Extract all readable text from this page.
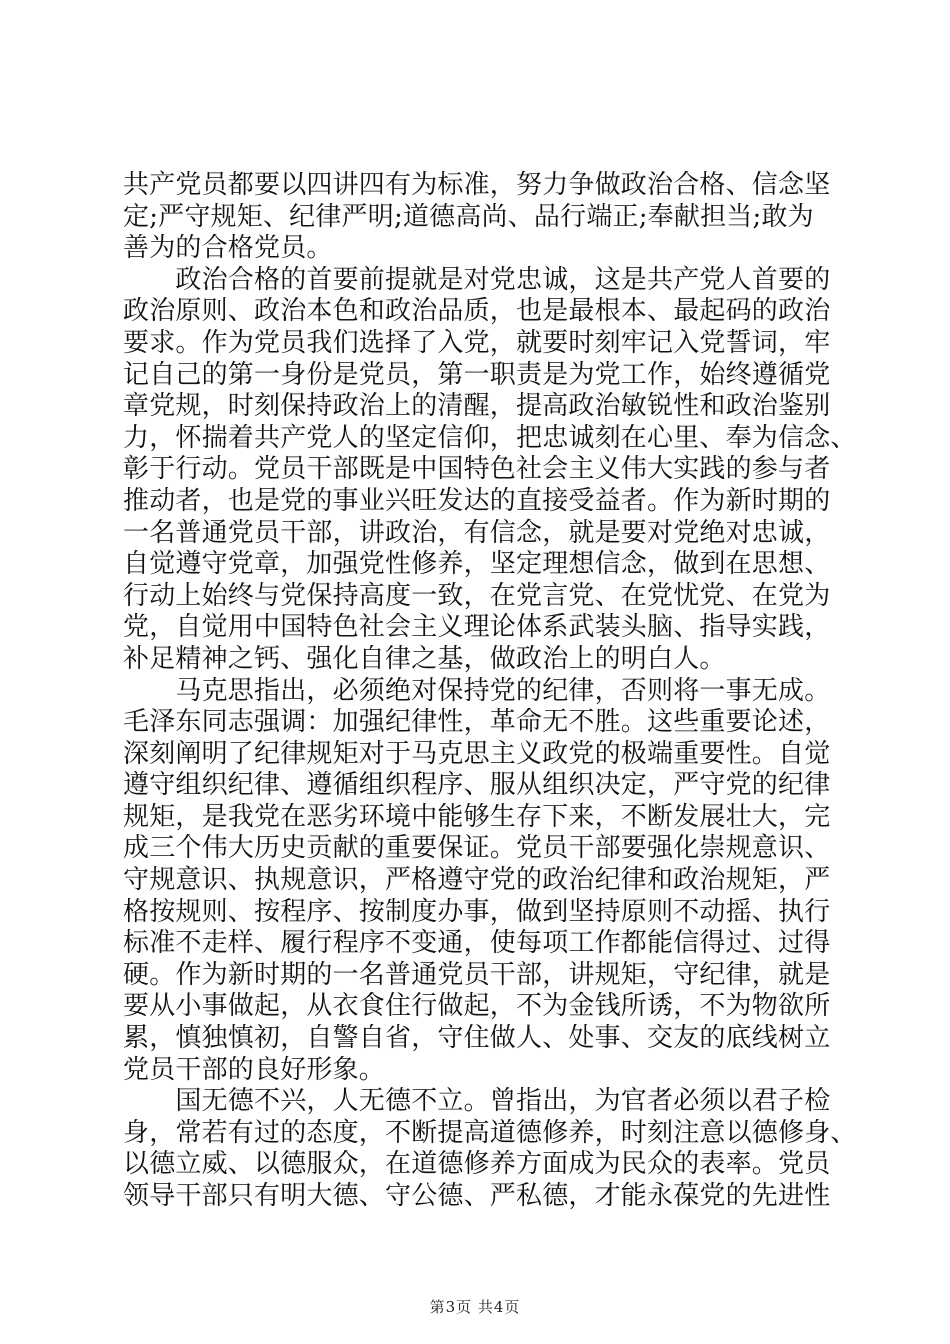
共产党员都要以四讲四有为标准，努力争做政治合格、信念坚
定;严守规矩、纪律严明;道德高尚、品行端正;奉献担当;敢为
善为的合格党员。
　　政治合格的首要前提就是对党忠诚，这是共产党人首要的
政治原则、政治本色和政治品质，也是最根本、最起码的政治
要求。作为党员我们选择了入党，就要时刻牢记入党誓词，牢
记自己的第一身份是党员，第一职责是为党工作，始终遵循党
章党规，时刻保持政治上的清醒，提高政治敏锐性和政治鉴别
力，怀揣着共产党人的坚定信仰，把忠诚刻在心里、奉为信念、
彰于行动。党员干部既是中国特色社会主义伟大实践的参与者
推动者，也是党的事业兴旺发达的直接受益者。作为新时期的
一名普通党员干部，讲政治，有信念，就是要对党绝对忠诚，
自觉遵守党章，加强党性修养，坚定理想信念，做到在思想、
行动上始终与党保持高度一致，在党言党、在党忧党、在党为
党，自觉用中国特色社会主义理论体系武装头脑、指导实践，
补足精神之钙、强化自律之基，做政治上的明白人。
　　马克思指出，必须绝对保持党的纪律，否则将一事无成。
毛泽东同志强调：加强纪律性，革命无不胜。这些重要论述，
深刻阐明了纪律规矩对于马克思主义政党的极端重要性。自觉
遵守组织纪律、遵循组织程序、服从组织决定，严守党的纪律
规矩，是我党在恶劣环境中能够生存下来，不断发展壮大，完
成三个伟大历史贡献的重要保证。党员干部要强化崇规意识、
守规意识、执规意识，严格遵守党的政治纪律和政治规矩，严
格按规则、按程序、按制度办事，做到坚持原则不动摇、执行
标准不走样、履行程序不变通，使每项工作都能信得过、过得
硬。作为新时期的一名普通党员干部，讲规矩，守纪律，就是
要从小事做起，从衣食住行做起，不为金钱所诱，不为物欲所
累，慎独慎初，自警自省，守住做人、处事、交友的底线树立
党员干部的良好形象。
　　国无德不兴，人无德不立。曾指出，为官者必须以君子检
身，常若有过的态度，不断提高道德修养，时刻注意以德修身、
以德立威、以德服众，在道德修养方面成为民众的表率。党员
领导干部只有明大德、守公德、严私德，才能永葆党的先进性
第3页 共4页
